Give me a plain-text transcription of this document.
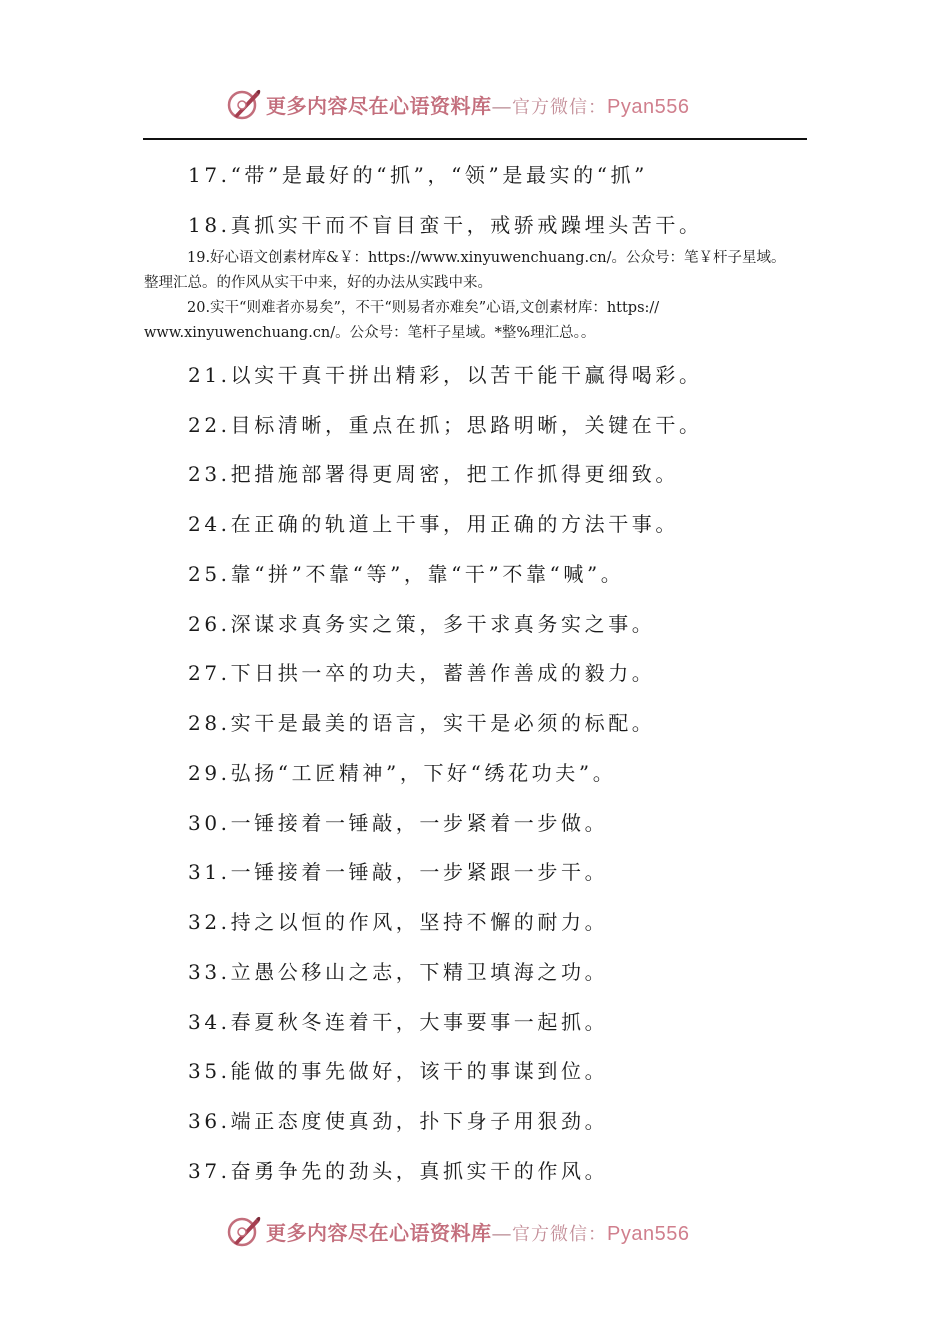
更多内容尽在心语资料库—官方微信：Pyan556
17.“带”是最好的“抓”，“领”是最实的“抓”
18.真抓实干而不盲目蛮干，戒骄戒躁埋头苦干。
19.好心语文创素材库&￥：https://www.xinyuwenchuang.cn/。公众号：笔￥杆子星域。
整理汇总。的作风从实干中来，好的办法从实践中来。
20.实干“则难者亦易矣”，不干“则易者亦难矣”心语,文创素材库：https://
www.xinyuwenchuang.cn/。公众号：笔杆子星域。*整%理汇总。。
21.以实干真干拼出精彩，以苦干能干赢得喝彩。
22.目标清晰，重点在抓；思路明晰，关键在干。
23.把措施部署得更周密，把工作抓得更细致。
24.在正确的轨道上干事，用正确的方法干事。
25.靠“拼”不靠“等”，靠“干”不靠“喊”。
26.深谋求真务实之策，多干求真务实之事。
27.下日拱一卒的功夫，蓄善作善成的毅力。
28.实干是最美的语言，实干是必须的标配。
29.弘扬“工匠精神”，下好“绣花功夫”。
30.一锤接着一锤敲，一步紧着一步做。
31.一锤接着一锤敲，一步紧跟一步干。
32.持之以恒的作风，坚持不懈的耐力。
33.立愚公移山之志，下精卫填海之功。
34.春夏秋冬连着干，大事要事一起抓。
35.能做的事先做好，该干的事谋到位。
36.端正态度使真劲，扑下身子用狠劲。
37.奋勇争先的劲头，真抓实干的作风。
更多内容尽在心语资料库—官方微信：Pyan556
